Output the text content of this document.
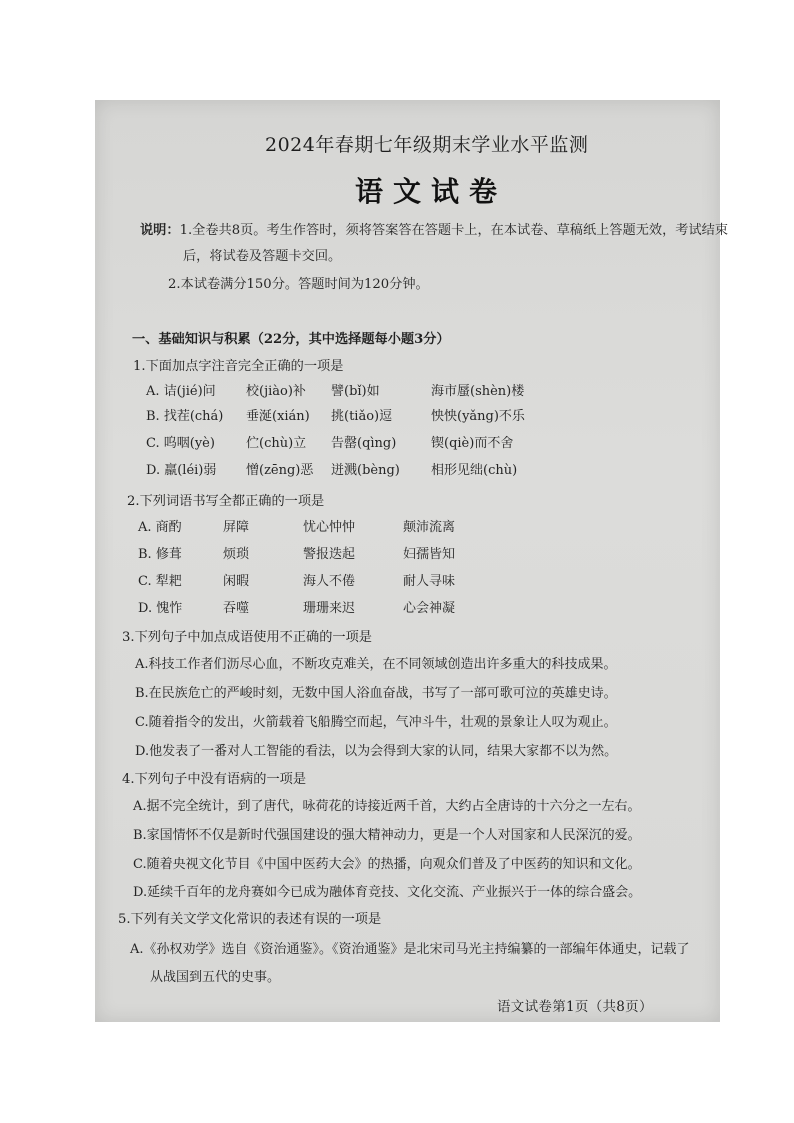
2024年春期七年级期末学业水平监测
语文试卷
说明：1.全卷共8页。考生作答时，须将答案答在答题卡上，在本试卷、草稿纸上答题无效，考试结束
后，将试卷及答题卡交回。
2.本试卷满分150分。答题时间为120分钟。
一、基础知识与积累（22分，其中选择题每小题3分）
1.下面加点字注音完全正确的一项是
A. 诘(jié)问	校(jiào)补	譬(bǐ)如	海市蜃(shèn)楼
B. 找茬(chá)	垂涎(xián)	挑(tiǎo)逗	怏怏(yǎng)不乐
C. 呜咽(yè)	伫(chù)立	告罄(qìng)	锲(qiè)而不舍
D. 羸(léi)弱	憎(zēng)恶	迸溅(bèng)	相形见绌(chù)
2.下列词语书写全都正确的一项是
A. 商酌	屏障	忧心忡忡	颠沛流离
B. 修葺	烦琐	警报迭起	妇孺皆知
C. 犁耙	闲暇	海人不倦	耐人寻味
D. 愧怍	吞噬	珊珊来迟	心会神凝
3.下列句子中加点成语使用不正确的一项是
A.科技工作者们沥尽心血，不断攻克难关，在不同领域创造出许多重大的科技成果。
B.在民族危亡的严峻时刻，无数中国人浴血奋战，书写了一部可歌可泣的英雄史诗。
C.随着指令的发出，火箭载着飞船腾空而起，气冲斗牛，壮观的景象让人叹为观止。
D.他发表了一番对人工智能的看法，以为会得到大家的认同，结果大家都不以为然。
4.下列句子中没有语病的一项是
A.据不完全统计，到了唐代，咏荷花的诗接近两千首，大约占全唐诗的十六分之一左右。
B.家国情怀不仅是新时代强国建设的强大精神动力，更是一个人对国家和人民深沉的爱。
C.随着央视文化节目《中国中医药大会》的热播，向观众们普及了中医药的知识和文化。
D.延续千百年的龙舟赛如今已成为融体育竞技、文化交流、产业振兴于一体的综合盛会。
5.下列有关文学文化常识的表述有误的一项是
A.《孙权劝学》选自《资治通鉴》。《资治通鉴》是北宋司马光主持编纂的一部编年体通史，记载了
从战国到五代的史事。
语文试卷第1页（共8页）
